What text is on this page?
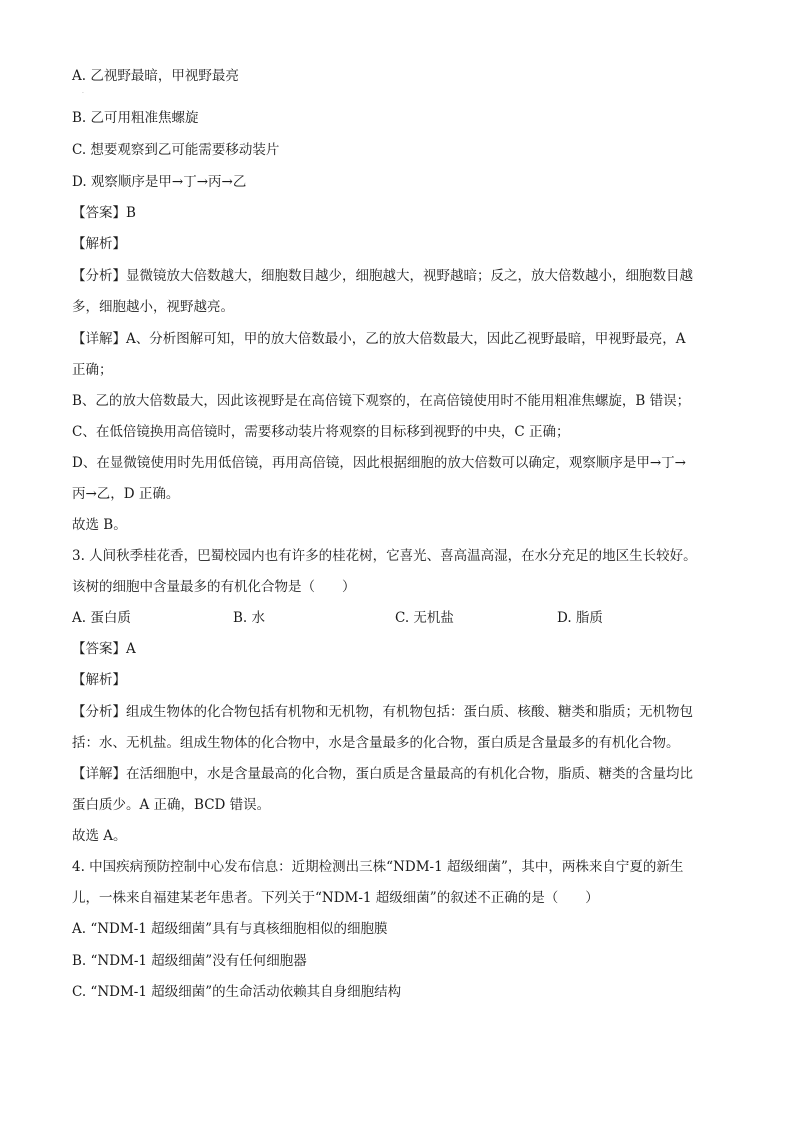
·
A. 乙视野最暗，甲视野最亮
B. 乙可用粗准焦螺旋
C. 想要观察到乙可能需要移动装片
D. 观察顺序是甲→丁→丙→乙
【答案】B
【解析】
【分析】显微镜放大倍数越大，细胞数目越少，细胞越大，视野越暗；反之，放大倍数越小，细胞数目越
多，细胞越小，视野越亮。
【详解】A、分析图解可知，甲的放大倍数最小，乙的放大倍数最大，因此乙视野最暗，甲视野最亮，A
正确；
B、乙的放大倍数最大，因此该视野是在高倍镜下观察的，在高倍镜使用时不能用粗准焦螺旋，B 错误；
C、在低倍镜换用高倍镜时，需要移动装片将观察的目标移到视野的中央，C 正确；
D、在显微镜使用时先用低倍镜，再用高倍镜，因此根据细胞的放大倍数可以确定，观察顺序是甲→丁→
丙→乙，D 正确。
故选 B。
3. 人间秋季桂花香，巴蜀校园内也有许多的桂花树，它喜光、喜高温高湿，在水分充足的地区生长较好。
该树的细胞中含量最多的有机化合物是（　　）
A. 蛋白质	B. 水	C. 无机盐	D. 脂质
【答案】A
【解析】
【分析】组成生物体的化合物包括有机物和无机物，有机物包括：蛋白质、核酸、糖类和脂质；无机物包
括：水、无机盐。组成生物体的化合物中，水是含量最多的化合物，蛋白质是含量最多的有机化合物。
【详解】在活细胞中，水是含量最高的化合物，蛋白质是含量最高的有机化合物，脂质、糖类的含量均比
蛋白质少。A 正确，BCD 错误。
故选 A。
4. 中国疾病预防控制中心发布信息：近期检测出三株“NDM-1 超级细菌”，其中，两株来自宁夏的新生
儿，一株来自福建某老年患者。下列关于“NDM-1 超级细菌”的叙述不正确的是（　　）
A. “NDM-1 超级细菌”具有与真核细胞相似的细胞膜
B. “NDM-1 超级细菌”没有任何细胞器
C. “NDM-1 超级细菌”的生命活动依赖其自身细胞结构
